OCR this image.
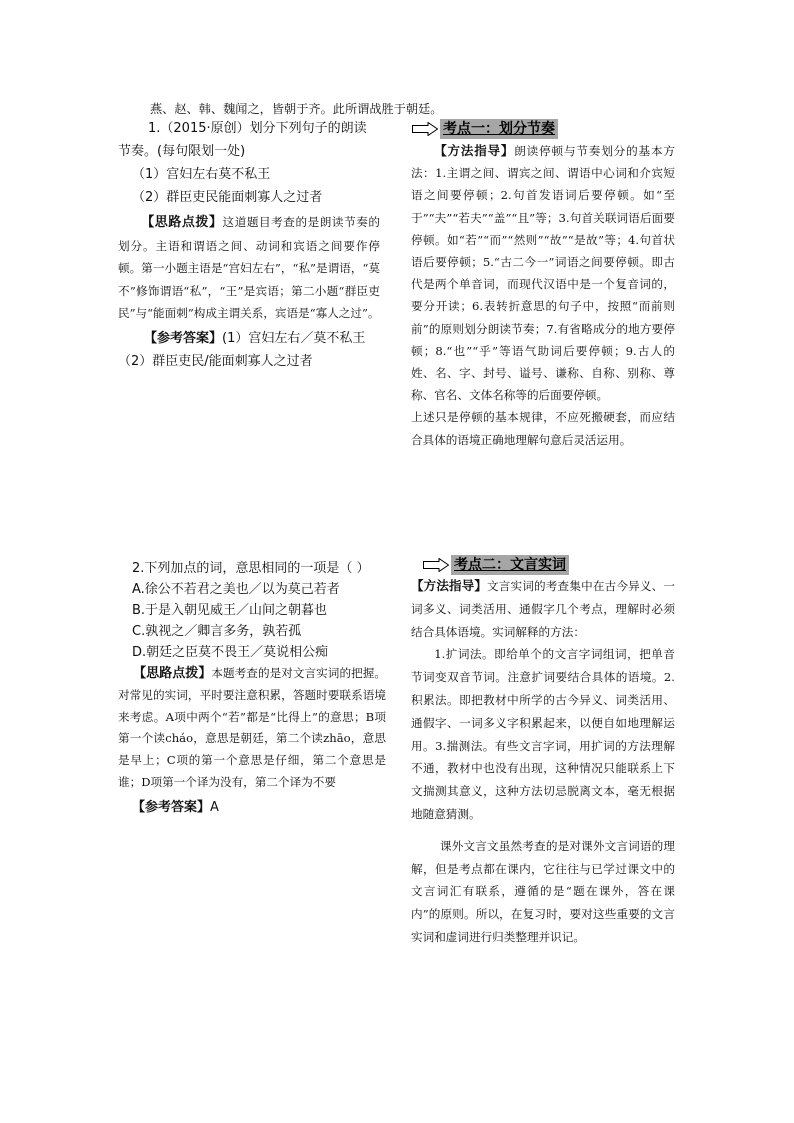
燕、赵、韩、魏闻之，皆朝于齐。此所谓战胜于朝廷。

1.（2015·原创）划分下列句子的朗读

节奏。(每句限划一处)

（1）宫妇左右莫不私王

（2）群臣吏民能面刺寡人之过者

【思路点拨】这道题目考查的是朗读节奏的划分。主语和谓语之间、动词和宾语之间要作停顿。第一小题主语是“宫妇左右”，“私”是谓语，“莫不”修饰谓语“私”，“王”是宾语；第二小题“群臣吏民”与“能面刺”构成主谓关系，宾语是“寡人之过”。

【参考答案】(1）宫妇左右／莫不私王（2）群臣吏民/能面刺寡人之过者

考点一：划分节奏

【方法指导】朗读停顿与节奏划分的基本方法：1.主谓之间、谓宾之间、谓语中心词和介宾短语之间要停顿；2.句首发语词后要停顿。如“至于”“夫”“若夫”“盖”“且”等；3.句首关联词语后面要停顿。如“若”“而”“然则”“故”“是故”等；4.句首状语后要停顿；5.“古二今一”词语之间要停顿。即古代是两个单音词，而现代汉语中是一个复音词的，要分开读；6.表转折意思的句子中，按照“而前则前”的原则划分朗读节奏；7.有省略成分的地方要停顿；8.“也”“乎”等语气助词后要停顿；9.古人的姓、名、字、封号、谥号、谦称、自称、别称、尊称、官名、文体名称等的后面要停顿。

上述只是停顿的基本规律，不应死搬硬套，而应结合具体的语境正确地理解句意后灵活运用。

2.下列加点的词，意思相同的一项是（ ）

A.徐公不若君之美也／以为莫己若者

B.于是入朝见威王／山间之朝暮也

C.孰视之／卿言多务，孰若孤

D.朝廷之臣莫不畏王／莫说相公痴

【思路点拨】本题考查的是对文言实词的把握。对常见的实词，平时要注意积累，答题时要联系语境来考虑。A项中两个“若”都是“比得上”的意思；B项第一个读cháo，意思是朝廷，第二个读zhāo，意思是早上；C项的第一个意思是仔细，第二个意思是谁；D项第一个译为没有，第二个译为不要

【参考答案】A

考点二：文言实词

【方法指导】文言实词的考查集中在古今异义、一词多义、词类活用、通假字几个考点，理解时必须结合具体语境。实词解释的方法：

1.扩词法。即给单个的文言字词组词，把单音节词变双音节词。注意扩词要结合具体的语境。2.积累法。即把教材中所学的古今异义、词类活用、通假字、一词多义字积累起来，以便自如地理解运用。3.揣测法。有些文言字词，用扩词的方法理解不通，教材中也没有出现，这种情况只能联系上下文揣测其意义，这种方法切忌脱离文本，毫无根据地随意猜测。

课外文言文虽然考查的是对课外文言词语的理解，但是考点都在课内，它往往与已学过课文中的文言词汇有联系，遵循的是“题在课外，答在课内”的原则。所以，在复习时，要对这些重要的文言实词和虚词进行归类整理并识记。
